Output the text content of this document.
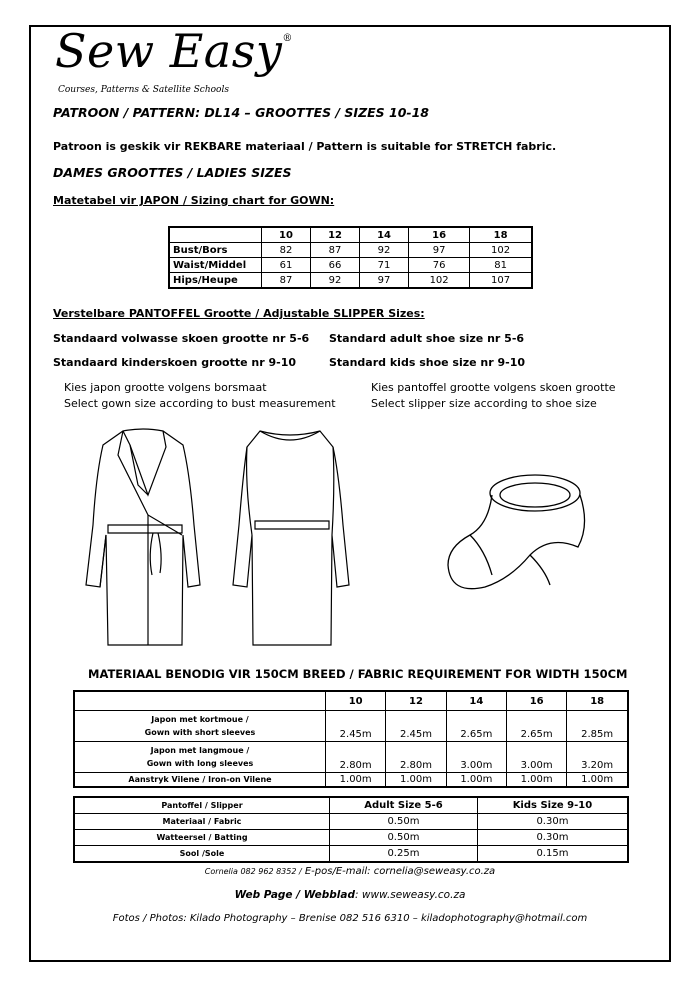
Sew Easy®
Courses, Patterns & Satellite Schools
PATROON / PATTERN: DL14 – GROOTTES / SIZES 10-18
Patroon is geskik vir REKBARE materiaal / Pattern is suitable for STRETCH fabric.
DAMES GROOTTES / LADIES SIZES
Matetabel vir JAPON / Sizing chart for GOWN:
	10	12	14	16	18
Bust/Bors	82	87	92	97	102
Waist/Middel	61	66	71	76	81
Hips/Heupe	87	92	97	102	107
Verstelbare PANTOFFEL Grootte / Adjustable SLIPPER Sizes:
Standaard volwasse skoen grootte nr 5-6 Standard adult shoe size nr 5-6
Standaard kinderskoen grootte nr 9-10	Standard kids shoe size nr 9-10
Kies japon grootte volgens borsmaat
Select gown size according to bust measurement
Kies pantoffel grootte volgens skoen grootte
Select slipper size according to shoe size
MATERIAAL BENODIG VIR 150CM BREED / FABRIC REQUIREMENT FOR WIDTH 150CM
	10	12	14	16	18

Japon met kortmoue /
Gown with short sleeves	2.45m	2.45m	2.65m	2.65m	2.85m

Japon met langmoue /
Gown with long sleeves	2.80m	2.80m	3.00m	3.00m	3.20m
Aanstryk Vilene / Iron-on Vilene	1.00m	1.00m	1.00m	1.00m	1.00m
Pantoffel / Slipper	Adult Size 5-6	Kids Size 9-10
Materiaal / Fabric	0.50m	0.30m
Watteersel / Batting	0.50m	0.30m
Sool /Sole	0.25m	0.15m
Cornelia 082 962 8352 / E-pos/E-mail: cornelia@seweasy.co.za
Web Page / Webblad: www.seweasy.co.za
Fotos / Photos: Kilado Photography – Brenise 082 516 6310 – kiladophotography@hotmail.com
